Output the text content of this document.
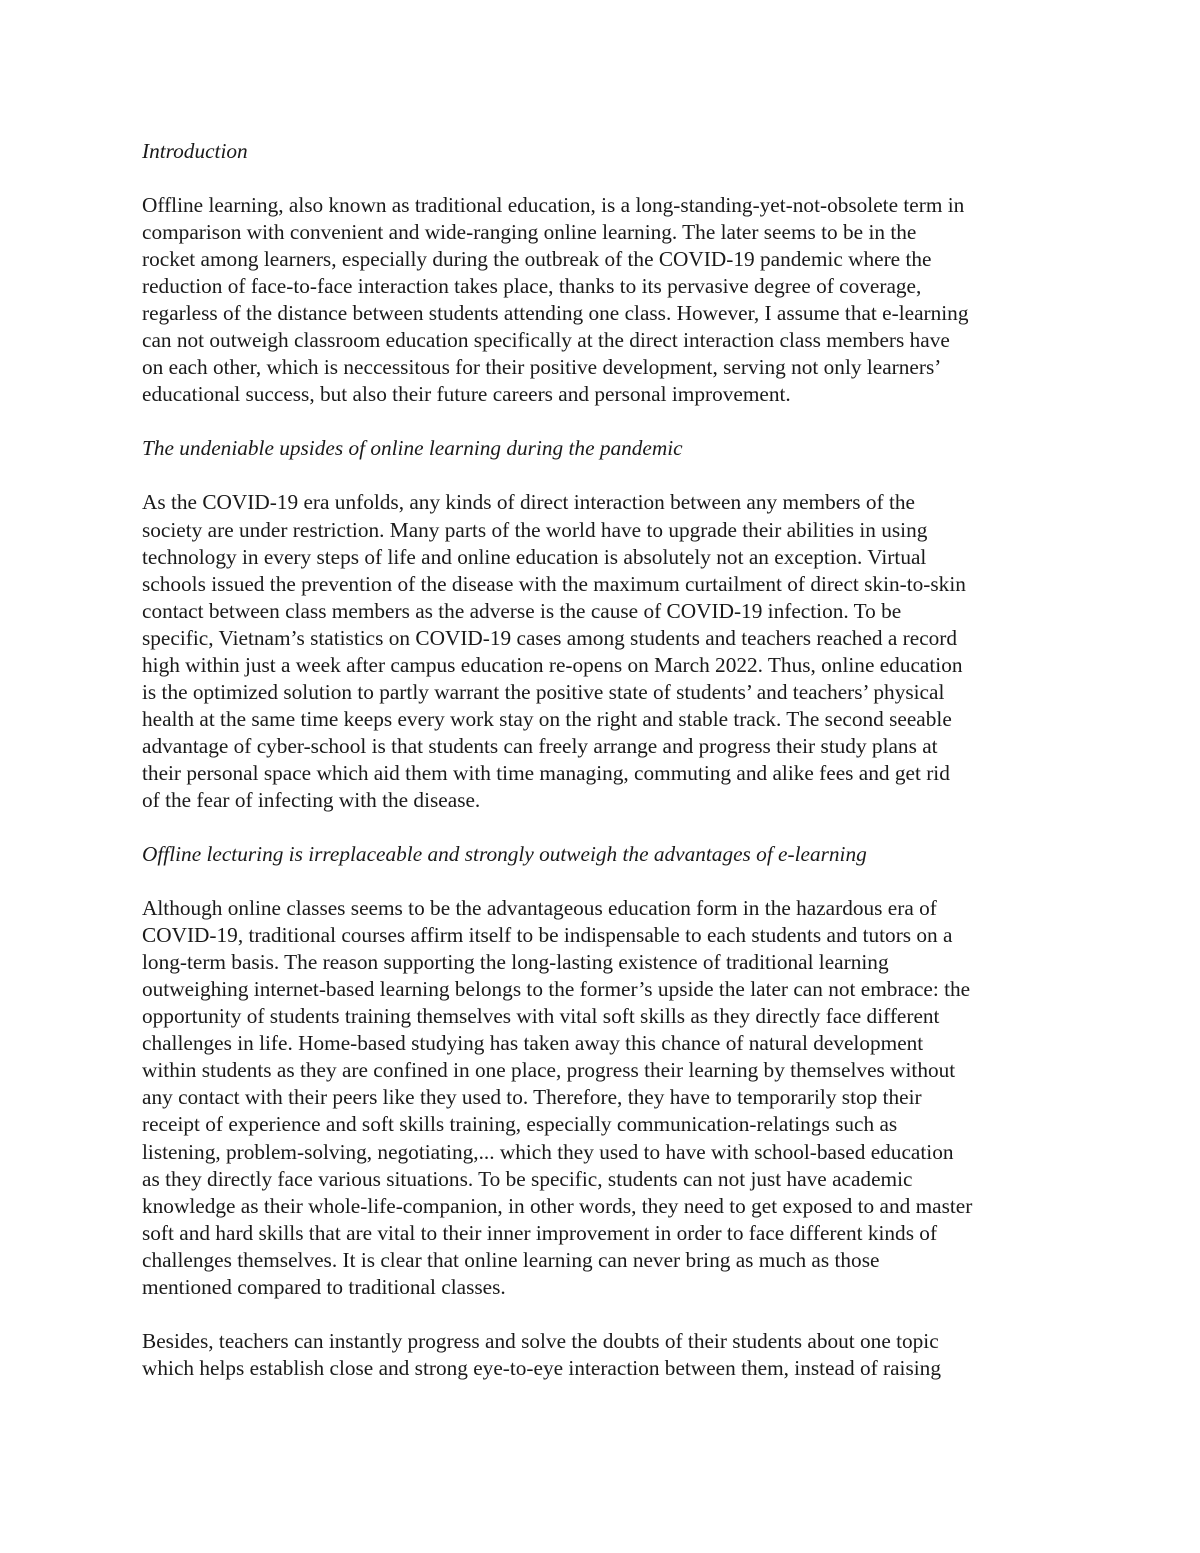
Introduction
Offline learning, also known as traditional education, is a long-standing-yet-not-obsolete term in
comparison with convenient and wide-ranging online learning. The later seems to be in the
rocket among learners, especially during the outbreak of the COVID-19 pandemic where the
reduction of face-to-face interaction takes place, thanks to its pervasive degree of coverage,
regarless of the distance between students attending one class. However, I assume that e-learning
can not outweigh classroom education specifically at the direct interaction class members have
on each other, which is neccessitous for their positive development, serving not only learners’
educational success, but also their future careers and personal improvement.
The undeniable upsides of online learning during the pandemic
As the COVID-19 era unfolds, any kinds of direct interaction between any members of the
society are under restriction. Many parts of the world have to upgrade their abilities in using
technology in every steps of life and online education is absolutely not an exception. Virtual
schools issued the prevention of the disease with the maximum curtailment of direct skin-to-skin
contact between class members as the adverse is the cause of COVID-19 infection. To be
specific, Vietnam’s statistics on COVID-19 cases among students and teachers reached a record
high within just a week after campus education re-opens on March 2022. Thus, online education
is the optimized solution to partly warrant the positive state of students’ and teachers’ physical
health at the same time keeps every work stay on the right and stable track. The second seeable
advantage of cyber-school is that students can freely arrange and progress their study plans at
their personal space which aid them with time managing, commuting and alike fees and get rid
of the fear of infecting with the disease.
Offline lecturing is irreplaceable and strongly outweigh the advantages of e-learning
Although online classes seems to be the advantageous education form in the hazardous era of
COVID-19, traditional courses affirm itself to be indispensable to each students and tutors on a
long-term basis. The reason supporting the long-lasting existence of traditional learning
outweighing internet-based learning belongs to the former’s upside the later can not embrace: the
opportunity of students training themselves with vital soft skills as they directly face different
challenges in life. Home-based studying has taken away this chance of natural development
within students as they are confined in one place, progress their learning by themselves without
any contact with their peers like they used to. Therefore, they have to temporarily stop their
receipt of experience and soft skills training, especially communication-relatings such as
listening, problem-solving, negotiating,... which they used to have with school-based education
as they directly face various situations. To be specific, students can not just have academic
knowledge as their whole-life-companion, in other words, they need to get exposed to and master
soft and hard skills that are vital to their inner improvement in order to face different kinds of
challenges themselves. It is clear that online learning can never bring as much as those
mentioned compared to traditional classes.
Besides, teachers can instantly progress and solve the doubts of their students about one topic
which helps establish close and strong eye-to-eye interaction between them, instead of raising
